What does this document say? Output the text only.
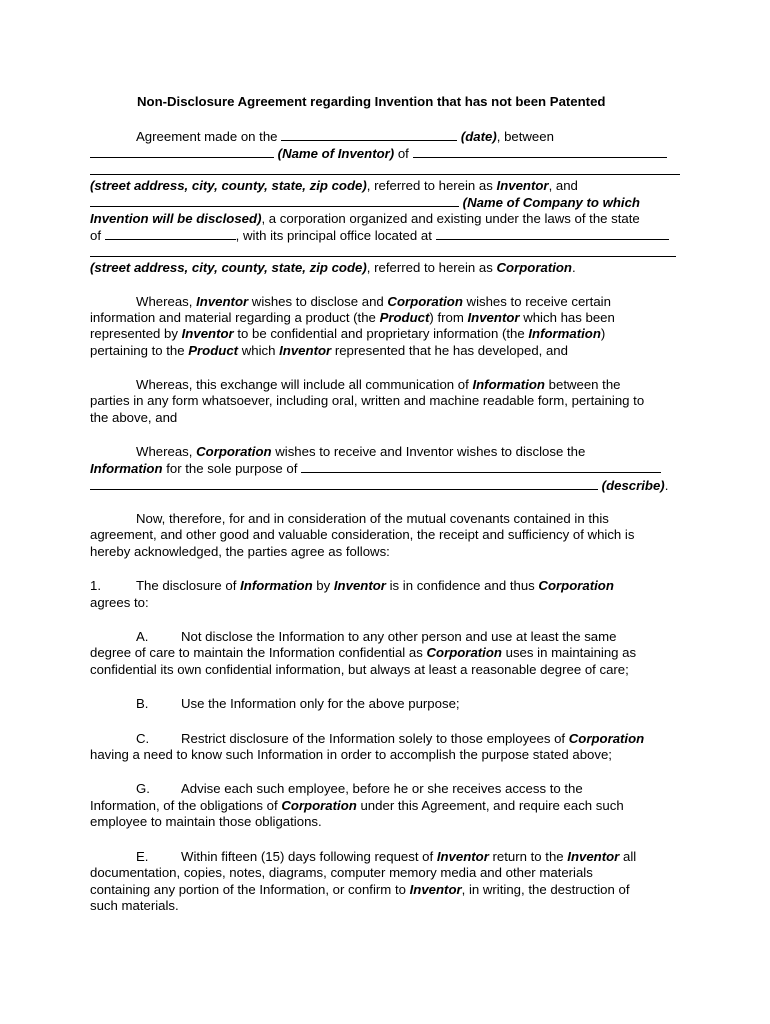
Non-Disclosure Agreement regarding Invention that has not been Patented
Agreement made on the	(date), between
(Name of Inventor) of
(street address, city, county, state, zip code), referred to herein as Inventor, and
(Name of Company to which
Invention will be disclosed), a corporation organized and existing under the laws of the state
of	, with its principal office located at
(street address, city, county, state, zip code), referred to herein as Corporation.
Whereas, Inventor wishes to disclose and Corporation wishes to receive certain
information and material regarding a product (the Product) from Inventor which has been
represented by Inventor to be confidential and proprietary information (the Information)
pertaining to the Product which Inventor represented that he has developed, and
Whereas, this exchange will include all communication of Information between the
parties in any form whatsoever, including oral, written and machine readable form, pertaining to
the above, and
Whereas, Corporation wishes to receive and Inventor wishes to disclose the
Information for the sole purpose of
(describe).
Now, therefore, for and in consideration of the mutual covenants contained in this
agreement, and other good and valuable consideration, the receipt and sufficiency of which is
hereby acknowledged, the parties agree as follows:
1.	The disclosure of Information by Inventor is in confidence and thus Corporation
agrees to:
A. Not disclose the Information to any other person and use at least the same
degree of care to maintain the Information confidential as Corporation uses in maintaining as
confidential its own confidential information, but always at least a reasonable degree of care;
B. Use the Information only for the above purpose;
C. Restrict disclosure of the Information solely to those employees of Corporation
having a need to know such Information in order to accomplish the purpose stated above;
G. Advise each such employee, before he or she receives access to the
Information, of the obligations of Corporation under this Agreement, and require each such
employee to maintain those obligations.
E. Within fifteen (15) days following request of Inventor return to the Inventor all
documentation, copies, notes, diagrams, computer memory media and other materials
containing any portion of the Information, or confirm to Inventor, in writing, the destruction of
such materials.
